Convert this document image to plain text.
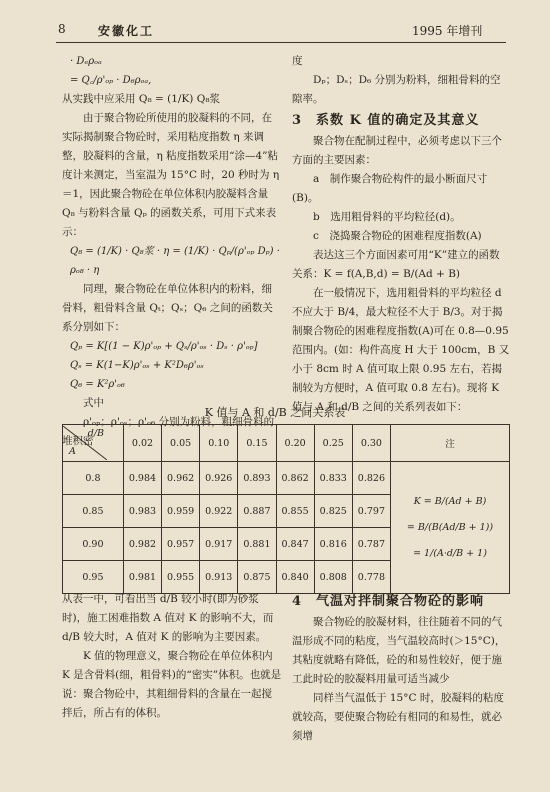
8	安徽化工	1995 年增刊

· Dₑρₒₐ

= Q꜀/ρ'ₒₚ · D₆ρₒₐ,

从实践中应采用 Q₈ = (1/K) Q₈浆

由于聚合物砼所使用的胶凝料的不同，在实际揭制聚合物砼时，采用粘度指数 η 来调整，胶凝料的含量，η 粘度指数采用“涂—4”粘度计来测定，当室温为 15°C 时，20 秒时为 η＝1，因此聚合物砼在单位体积内胶凝料含量 Q₈ 与粉料含量 Qₚ 的函数关系，可用下式来表示：

Q₈ = (1/K) · Q₈浆 · η = (1/K) · Qₚ/(ρ'ₒₚ Dₚ) · ρₒ₈ · η

同理，聚合物砼在单位体积内的粉料，细骨料，粗骨料含量 Qₜ；Qₛ；Q₆ 之间的函数关系分别如下：

Qₚ = K[(1 − K)ρ'ₒₚ + Qₛ/ρ'ₒₛ · Dₛ · ρ'ₒₚ]

Qₛ = K(1−K)ρ'ₒₛ + K²D₆ρ'ₒₛ

Q₆ = K²ρ'ₒ₆

式中

ρ'ₒₚ；ρ'ₒₛ；ρ'ₒ₆ 分别为粉料，粗细骨料的堆积密

度

Dₚ；Dₛ；D₆ 分别为粉料，细粗骨料的空隙率。

3　系数 K 值的确定及其意义

聚合物在配制过程中，必须考虑以下三个方面的主要因素：

a　制作聚合物砼构件的最小断面尺寸(B)。

b　选用粗骨料的平均粒径(d)。

c　浇捣聚合物砼的困难程度指数(A)

表达这三个方面因素可用“K”建立的函数关系：K = f(A,B,d) = B/(Ad + B)

在一般情况下，选用粗骨料的平均粒径 d 不应大于 B/4，最大粒径不大于 B/3。对于揭制聚合物砼的困难程度指数(A)可在 0.8—0.95 范围内。(如：构件高度 H 大于 100cm，B 又小于 8cm 时 A 值可取上限 0.95 左右，若揭制较为方便时，A 值可取 0.8 左右)。现将 K 值与 A 和 d/B 之间的关系列表如下：

K 值与 A 和 d/B 之间关系表
d/B
A	0.02	0.05	0.10	0.15	0.20	0.25	0.30	注
0.8	0.984	0.962	0.926	0.893	0.862	0.833	0.826	K = B/(Ad + B)
= B/(B(Ad/B + 1))
= 1/(A·d/B + 1)

0.85	0.983	0.959	0.922	0.887	0.855	0.825	0.797	
0.90	0.982	0.957	0.917	0.881	0.847	0.816	0.787	
0.95	0.981	0.955	0.913	0.875	0.840	0.808	0.778	

从表一中，可看出当 d/B 较小时(即为砂浆时)，施工困难指数 A 值对 K 的影响不大，而 d/B 较大时，A 值对 K 的影响为主要因素。

K 值的物理意义，聚合物砼在单位体积内 K 是含骨料(细，粗骨料)的“密实”体积。也就是说：聚合物砼中，其粗细骨料的含量在一起搅拌后，所占有的体积。

4　气温对拌制聚合物砼的影响

聚合物砼的胶凝材料，往往随着不同的气温形成不同的粘度，当气温较高时(＞15°C)，其粘度就略有降低，砼的和易性较好，便于施工此时砼的胶凝料用量可适当减少

同样当气温低于 15°C 时，胶凝料的粘度就较高，要使聚合物砼有相同的和易性，就必须增
